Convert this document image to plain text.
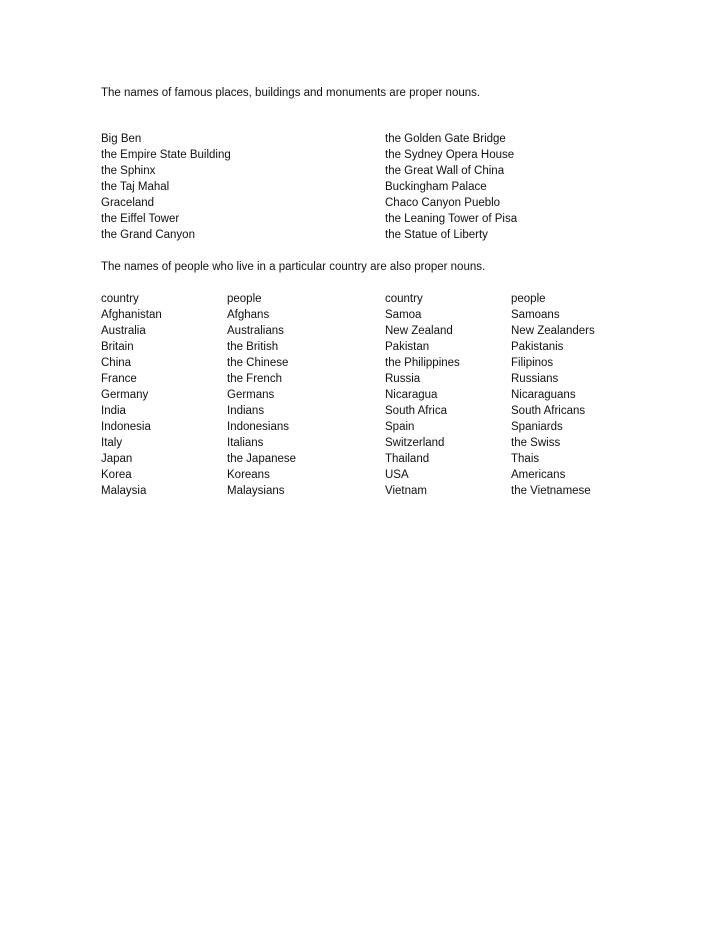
The names of famous places, buildings and monuments are proper nouns.
Big Ben
the Empire State Building
the Sphinx
the Taj Mahal
Graceland
the Eiffel Tower
the Grand Canyon
the Golden Gate Bridge
the Sydney Opera House
the Great Wall of China
Buckingham Palace
Chaco Canyon Pueblo
the Leaning Tower of Pisa
the Statue of Liberty
The names of people who live in a particular country are also proper nouns.
country
Afghanistan
Australia
Britain
China
France
Germany
India
Indonesia
Italy
Japan
Korea
Malaysia
people
Afghans
Australians
the British
the Chinese
the French
Germans
Indians
Indonesians
Italians
the Japanese
Koreans
Malaysians
country
Samoa
New Zealand
Pakistan
the Philippines
Russia
Nicaragua
South Africa
Spain
Switzerland
Thailand
USA
Vietnam
people
Samoans
New Zealanders
Pakistanis
Filipinos
Russians
Nicaraguans
South Africans
Spaniards
the Swiss
Thais
Americans
the Vietnamese
